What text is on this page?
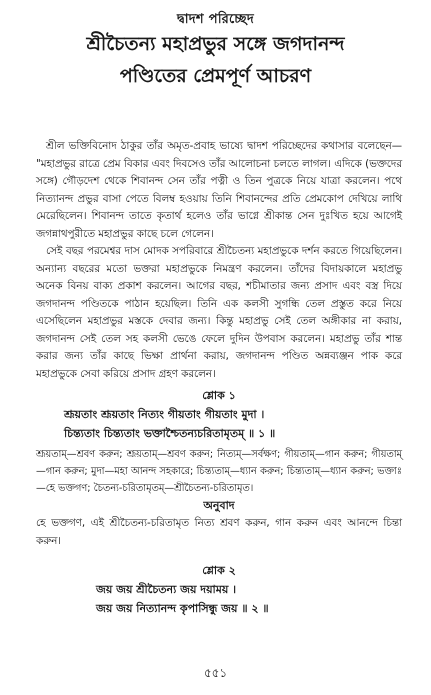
দ্বাদশ পরিচ্ছেদ
শ্রীচৈতন্য মহাপ্রভুর সঙ্গে জগদানন্দ
পণ্ডিতের প্রেমপূর্ণ আচরণ

শ্রীল ভক্তিবিনোদ ঠাকুর তাঁর অমৃত-প্রবাহ ভাষ্যে দ্বাদশ পরিচ্ছেদের কথাসার বলেছেন— "মহাপ্রভুর রাত্রে প্রেম বিকার এবং দিবসেও তাঁর আলোচনা চলতে লাগল। এদিকে (ভক্তদের সঙ্গে) গৌড়দেশ থেকে শিবানন্দ সেন তাঁর পত্নী ও তিন পুত্রকে নিয়ে যাত্রা করলেন। পথে নিত্যানন্দ প্রভুর বাসা পেতে বিলম্ব হওয়ায় তিনি শিবানন্দের প্রতি প্রেমকোপ দেখিয়ে লাথি মেরেছিলেন। শিবানন্দ তাতে কৃতার্থ হলেও তাঁর ভাগ্নে শ্রীকান্ত সেন দুঃখিত হয়ে আগেই জগন্নাথপুরীতে মহাপ্রভুর কাছে চলে গেলেন।

সেই বছর পরমেশ্বর দাস মোদক সপরিবারে শ্রীচৈতন্য মহাপ্রভুকে দর্শন করতে গিয়েছিলেন। অন্যান্য বছরের মতো ভক্তরা মহাপ্রভুকে নিমন্ত্রণ করলেন। তাঁদের বিদায়কালে মহাপ্রভু অনেক বিনয় বাক্য প্রকাশ করলেন। আগের বছর, শচীমাতার জন্য প্রসাদ এবং বস্ত্র দিয়ে জগদানন্দ পণ্ডিতকে পাঠান হয়েছিল। তিনি এক কলসী সুগন্ধি তেল প্রস্তুত করে নিয়ে এসেছিলেন মহাপ্রভুর মস্তকে দেবার জন্য। কিন্তু মহাপ্রভু সেই তেল অঙ্গীকার না করায়, জগদানন্দ সেই তেল সহ কলসী ভেঙে ফেলে দুদিন উপবাস করলেন। মহাপ্রভু তাঁর শান্ত করার জন্য তাঁর কাছে ভিক্ষা প্রার্থনা করায়, জগদানন্দ পণ্ডিত অন্নব্যঞ্জন পাক করে মহাপ্রভুকে সেবা করিয়ে প্রসাদ গ্রহণ করলেন।

শ্লোক ১
শ্রূয়তাং শ্রূয়তাং নিত্যং গীয়তাং গীয়তাং মুদা ।
চিন্ত্যতাং চিন্ত্যতাং ভক্তাশ্চৈতন্যচরিতামৃতম্ ॥ ১ ॥

শ্রূয়তাম্—শ্রবণ করুন; শ্রূয়তাম্—শ্রবণ করুন; নিত্যম্—সর্বক্ষণ; গীয়তাম্—গান করুন; গীয়তাম্—গান করুন; মুদা—মহা আনন্দ সহকারে; চিন্ত্যতাম্—ধ্যান করুন; চিন্ত্যতাম্—ধ্যান করুন; ভক্তাঃ—হে ভক্তগণ; চৈতন্য-চরিতামৃতম্—শ্রীচৈতন্য-চরিতামৃত।

অনুবাদ

হে ভক্তগণ, এই শ্রীচৈতন্য-চরিতামৃত নিত্য শ্রবণ করুন, গান করুন এবং আনন্দে চিন্তা করুন।

শ্লোক ২
জয় জয় শ্রীচৈতন্য জয় দয়াময় ।
জয় জয় নিত্যানন্দ কৃপাসিন্ধু জয় ॥ ২ ॥
৫৫১
